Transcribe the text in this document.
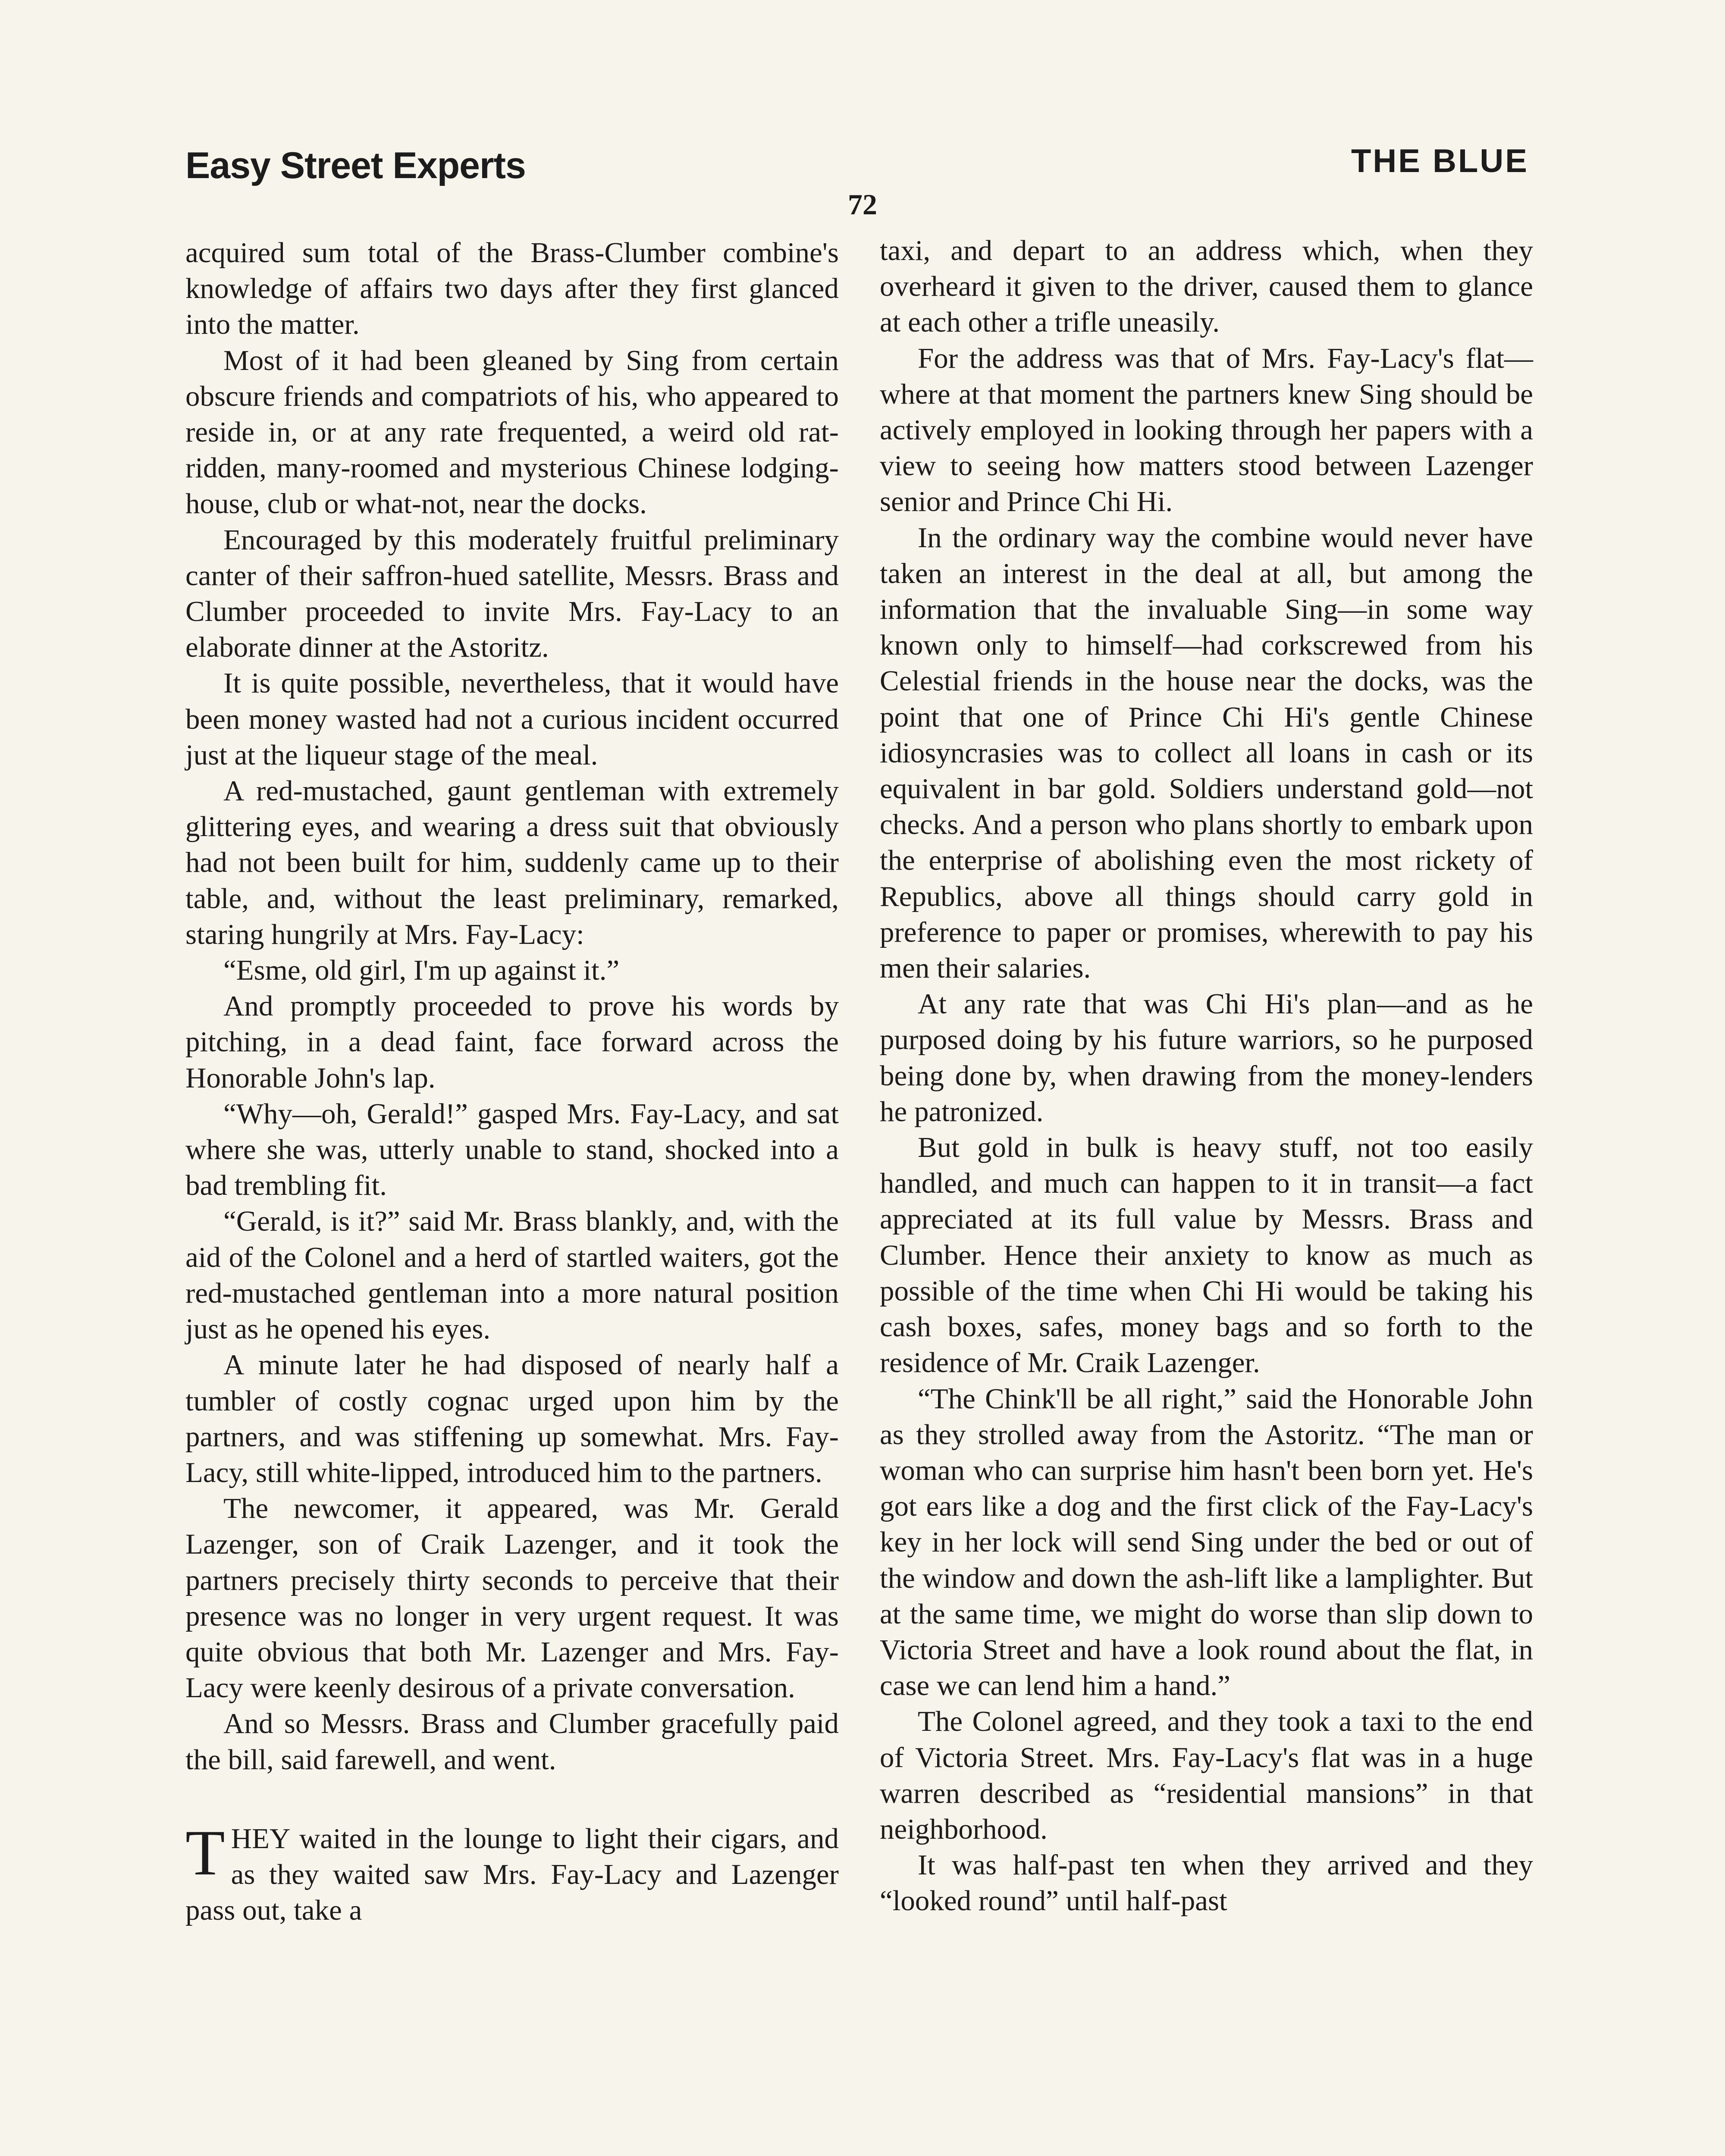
Easy Street Experts	THE BLUE
72

acquired sum total of the Brass-Clumber combine's knowledge of affairs two days after they first glanced into the matter.

Most of it had been gleaned by Sing from certain obscure friends and compatriots of his, who appeared to reside in, or at any rate frequented, a weird old rat-ridden, many-roomed and mysterious Chinese lodging-house, club or what-not, near the docks.

Encouraged by this moderately fruitful preliminary canter of their saffron-hued satellite, Messrs. Brass and Clumber proceeded to invite Mrs. Fay-Lacy to an elaborate dinner at the Astoritz.

It is quite possible, nevertheless, that it would have been money wasted had not a curious incident occurred just at the liqueur stage of the meal.

A red-mustached, gaunt gentleman with extremely glittering eyes, and wearing a dress suit that obviously had not been built for him, suddenly came up to their table, and, without the least preliminary, remarked, staring hungrily at Mrs. Fay-Lacy:

“Esme, old girl, I'm up against it.”

And promptly proceeded to prove his words by pitching, in a dead faint, face forward across the Honorable John's lap.

“Why—oh, Gerald!” gasped Mrs. Fay-Lacy, and sat where she was, utterly unable to stand, shocked into a bad trembling fit.

“Gerald, is it?” said Mr. Brass blankly, and, with the aid of the Colonel and a herd of startled waiters, got the red-mustached gentleman into a more natural position just as he opened his eyes.

A minute later he had disposed of nearly half a tumbler of costly cognac urged upon him by the partners, and was stiffening up somewhat. Mrs. Fay-Lacy, still white-lipped, introduced him to the partners.

The newcomer, it appeared, was Mr. Gerald Lazenger, son of Craik Lazenger, and it took the partners precisely thirty seconds to perceive that their presence was no longer in very urgent request. It was quite obvious that both Mr. Lazenger and Mrs. Fay-Lacy were keenly desirous of a private conversation.

And so Messrs. Brass and Clumber gracefully paid the bill, said farewell, and went.

THEY waited in the lounge to light their cigars, and as they waited saw Mrs. Fay-Lacy and Lazenger pass out, take a

taxi, and depart to an address which, when they overheard it given to the driver, caused them to glance at each other a trifle uneasily.

For the address was that of Mrs. Fay-Lacy's flat—where at that moment the partners knew Sing should be actively employed in looking through her papers with a view to seeing how matters stood between Lazenger senior and Prince Chi Hi.

In the ordinary way the combine would never have taken an interest in the deal at all, but among the information that the invaluable Sing—in some way known only to himself—had corkscrewed from his Celestial friends in the house near the docks, was the point that one of Prince Chi Hi's gentle Chinese idiosyncrasies was to collect all loans in cash or its equivalent in bar gold. Soldiers understand gold—not checks. And a person who plans shortly to embark upon the enterprise of abolishing even the most rickety of Republics, above all things should carry gold in preference to paper or promises, wherewith to pay his men their salaries.

At any rate that was Chi Hi's plan—and as he purposed doing by his future warriors, so he purposed being done by, when drawing from the money-lenders he patronized.

But gold in bulk is heavy stuff, not too easily handled, and much can happen to it in transit—a fact appreciated at its full value by Messrs. Brass and Clumber. Hence their anxiety to know as much as possible of the time when Chi Hi would be taking his cash boxes, safes, money bags and so forth to the residence of Mr. Craik Lazenger.

“The Chink'll be all right,” said the Honorable John as they strolled away from the Astoritz. “The man or woman who can surprise him hasn't been born yet. He's got ears like a dog and the first click of the Fay-Lacy's key in her lock will send Sing under the bed or out of the window and down the ash-lift like a lamplighter. But at the same time, we might do worse than slip down to Victoria Street and have a look round about the flat, in case we can lend him a hand.”

The Colonel agreed, and they took a taxi to the end of Victoria Street. Mrs. Fay-Lacy's flat was in a huge warren described as “residential mansions” in that neighborhood.

It was half-past ten when they arrived and they “looked round” until half-past
